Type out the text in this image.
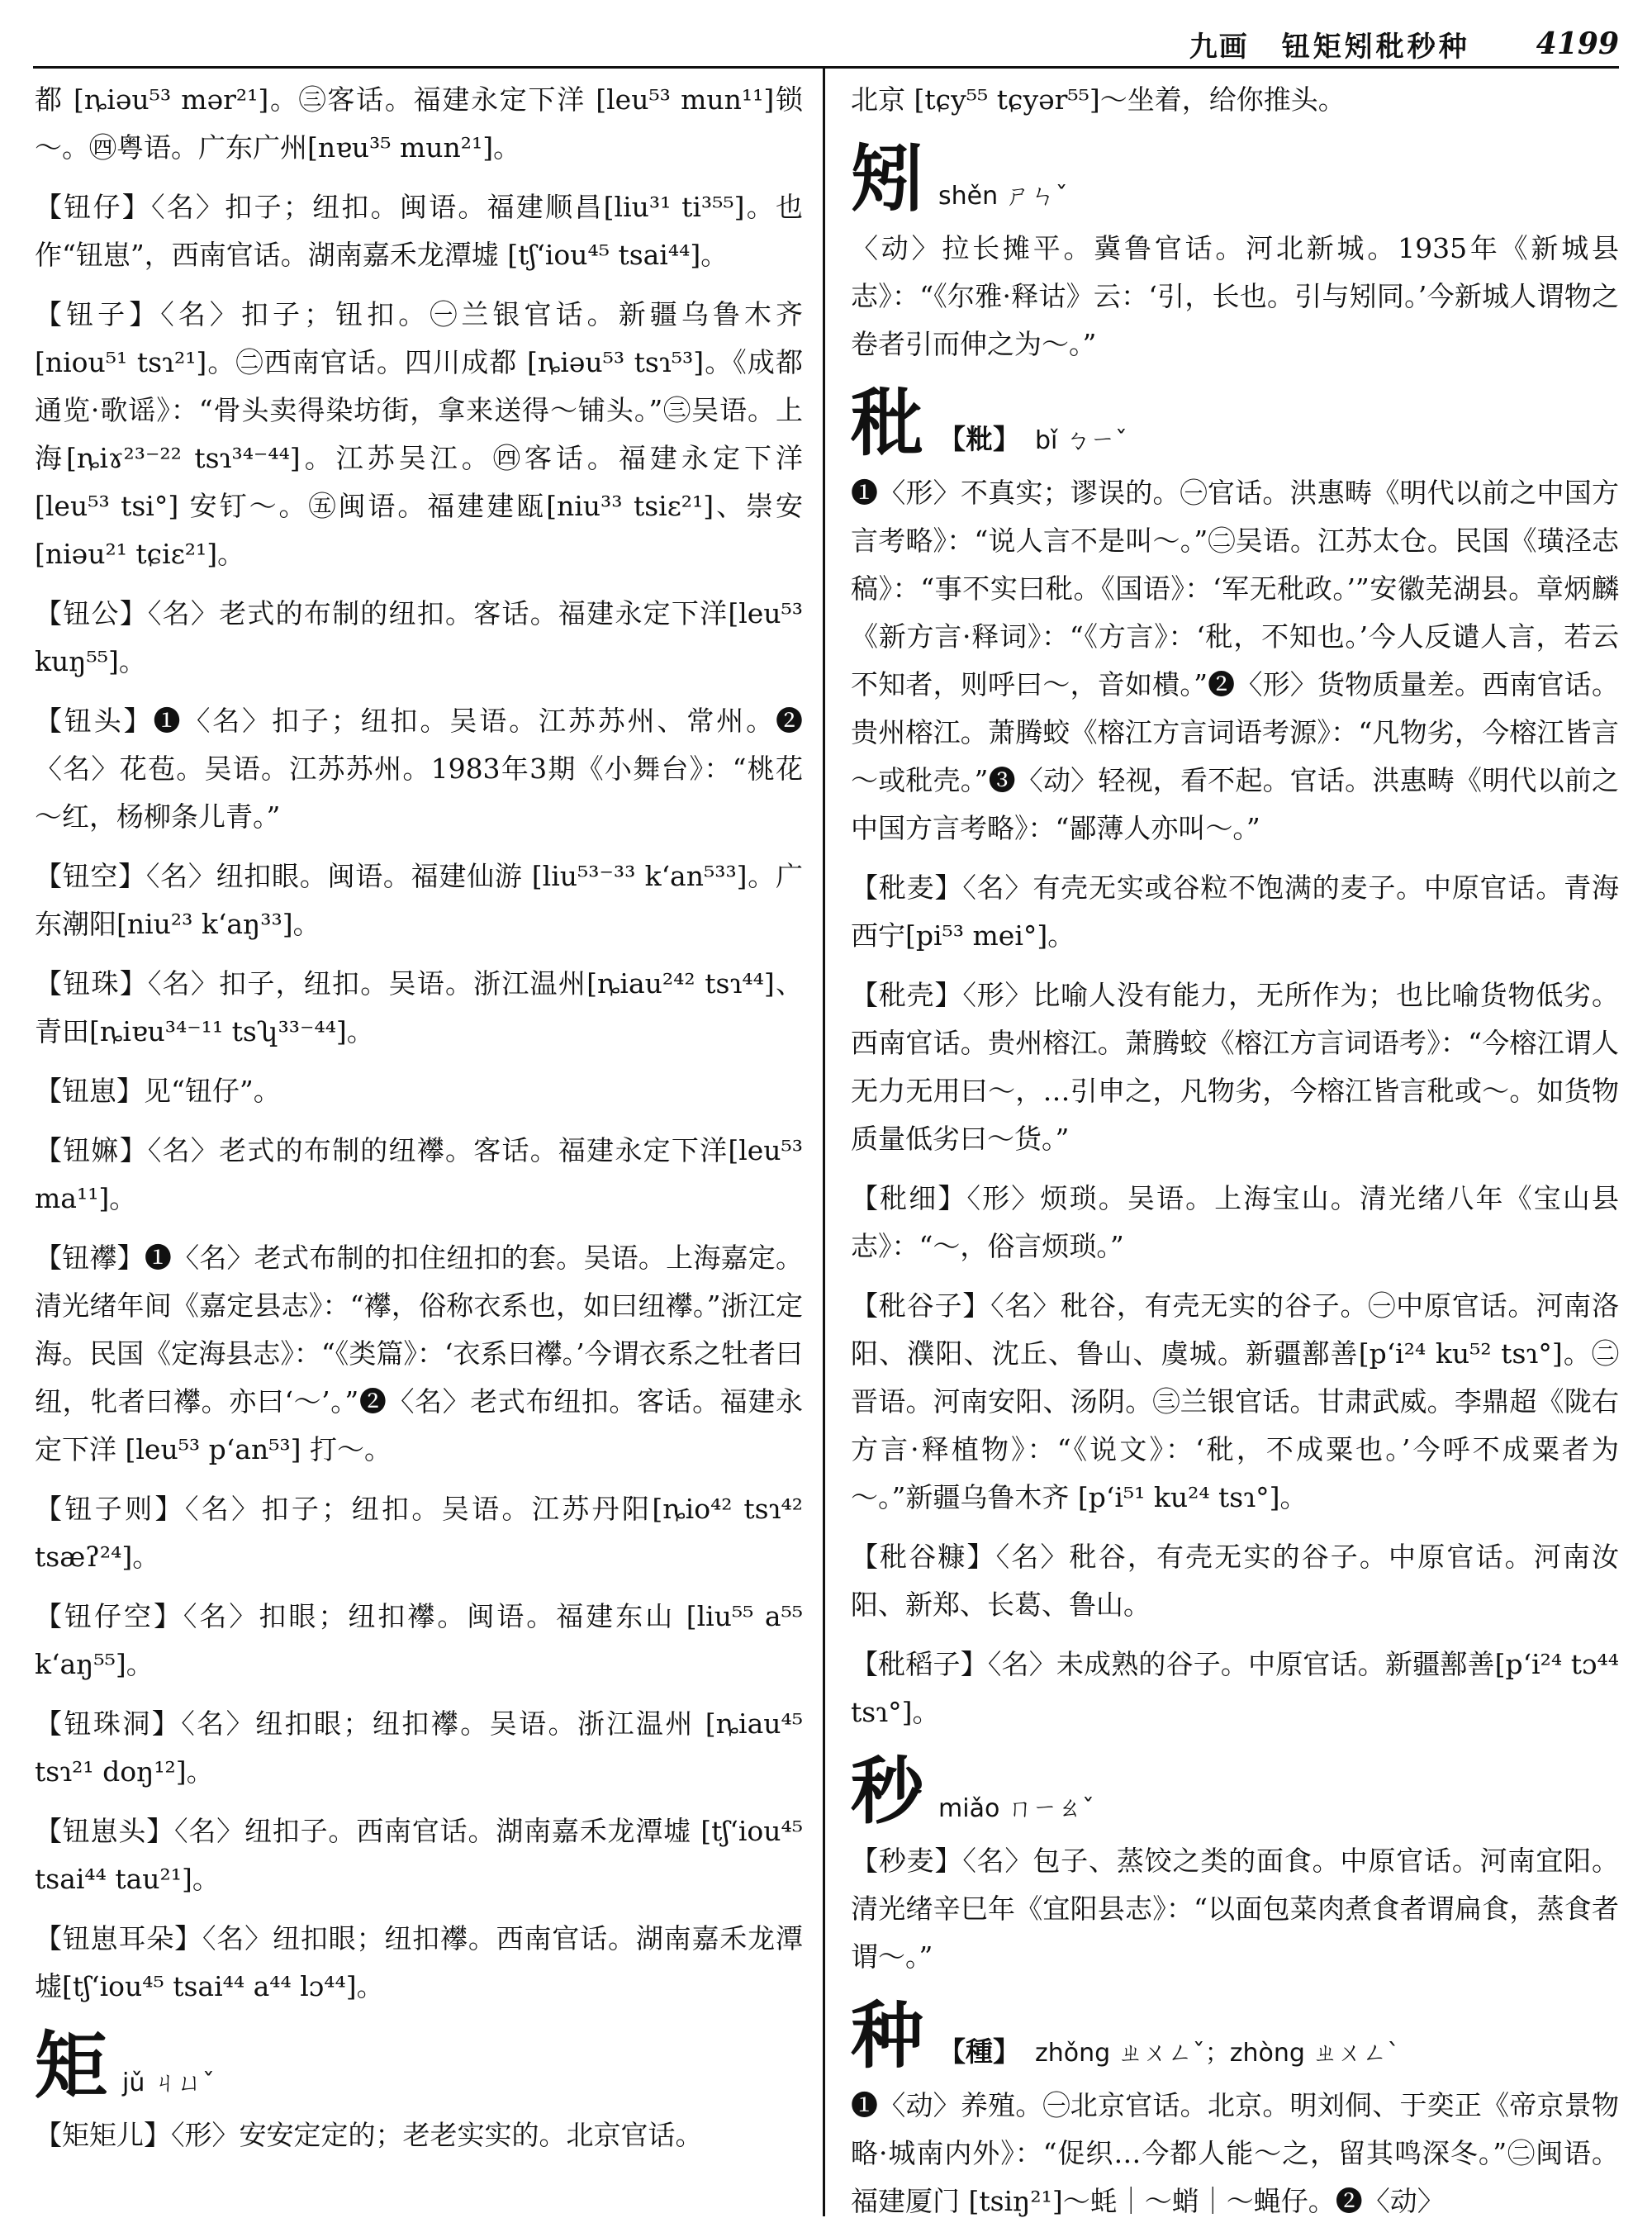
九画 钮矩矧秕秒种 4199
都 [ȵiəu⁵³ mər²¹]。㊂客话。福建永定下洋 [leu⁵³ mun¹¹]锁～。㊃粤语。广东广州[nɐu³⁵ mun²¹]。
【钮仔】〈名〉扣子；纽扣。闽语。福建顺昌[liu³¹ ti³⁵⁵]。也作“钮崽”，西南官话。湖南嘉禾龙潭墟 [tʃ‘iou⁴⁵ tsai⁴⁴]。
【钮子】〈名〉扣子；钮扣。㊀兰银官话。新疆乌鲁木齐 [niou⁵¹ tsɿ²¹]。㊁西南官话。四川成都 [ȵiəu⁵³ tsɿ⁵³]。《成都通览·歌谣》：“骨头卖得染坊街，拿来送得～铺头。”㊂吴语。上海[ȵiɤ²³⁻²² tsɿ³⁴⁻⁴⁴]。江苏吴江。㊃客话。福建永定下洋[leu⁵³ tsi°] 安钉～。㊄闽语。福建建瓯[niu³³ tsiɛ²¹]、崇安[niəu²¹ tɕiɛ²¹]。
【钮公】〈名〉老式的布制的纽扣。客话。福建永定下洋[leu⁵³ kuŋ⁵⁵]。
【钮头】❶〈名〉扣子；纽扣。吴语。江苏苏州、常州。❷〈名〉花苞。吴语。江苏苏州。1983年3期《小舞台》：“桃花～红，杨柳条儿青。”
【钮空】〈名〉纽扣眼。闽语。福建仙游 [liu⁵³⁻³³ k‘an⁵³³]。广东潮阳[niu²³ k‘aŋ³³]。
【钮珠】〈名〉扣子，纽扣。吴语。浙江温州[ȵiau²⁴² tsɿ⁴⁴]、青田[ȵiɐu³⁴⁻¹¹ tsʮ³³⁻⁴⁴]。
【钮崽】见“钮仔”。
【钮嫲】〈名〉老式的布制的纽襻。客话。福建永定下洋[leu⁵³ ma¹¹]。
【钮襻】❶〈名〉老式布制的扣住纽扣的套。吴语。上海嘉定。清光绪年间《嘉定县志》：“襻，俗称衣系也，如曰纽襻。”浙江定海。民国《定海县志》：“《类篇》：‘衣系曰襻。’今谓衣系之牡者曰纽，牝者曰襻。亦曰‘～’。”❷〈名〉老式布纽扣。客话。福建永定下洋 [leu⁵³ p‘an⁵³] 打～。
【钮子则】〈名〉扣子；纽扣。吴语。江苏丹阳[ȵio⁴² tsɿ⁴² tsæʔ²⁴]。
【钮仔空】〈名〉扣眼；纽扣襻。闽语。福建东山 [liu⁵⁵ a⁵⁵ k‘aŋ⁵⁵]。
【钮珠洞】〈名〉纽扣眼；纽扣襻。吴语。浙江温州 [ȵiau⁴⁵ tsɿ²¹ doŋ¹²]。
【钮崽头】〈名〉纽扣子。西南官话。湖南嘉禾龙潭墟 [tʃ‘iou⁴⁵ tsai⁴⁴ tau²¹]。
【钮崽耳朵】〈名〉纽扣眼；纽扣襻。西南官话。湖南嘉禾龙潭墟[tʃ‘iou⁴⁵ tsai⁴⁴ a⁴⁴ lɔ⁴⁴]。
矩 jǔ ㄐㄩˇ
【矩矩儿】〈形〉安安定定的；老老实实的。北京官话。
北京 [tɕy⁵⁵ tɕyər⁵⁵]～坐着，给你推头。
矧 shěn ㄕㄣˇ
〈动〉拉长摊平。冀鲁官话。河北新城。1935年《新城县志》：“《尔雅·释诂》云：‘引，长也。引与矧同。’今新城人谓物之卷者引而伸之为～。”
秕 【粃】 bǐ ㄅㄧˇ
❶〈形〉不真实；谬误的。㊀官话。洪惠畴《明代以前之中国方言考略》：“说人言不是叫～。”㊁吴语。江苏太仓。民国《璜泾志稿》：“事不实曰秕。《国语》：‘军无秕政。’”安徽芜湖县。章炳麟《新方言·释词》：“《方言》：‘秕，不知也。’今人反谴人言，若云不知者，则呼曰～，音如樻。”❷〈形〉货物质量差。西南官话。贵州榕江。萧腾蛟《榕江方言词语考源》：“凡物劣，今榕江皆言～或秕壳。”❸〈动〉轻视，看不起。官话。洪惠畴《明代以前之中国方言考略》：“鄙薄人亦叫～。”
【秕麦】〈名〉有壳无实或谷粒不饱满的麦子。中原官话。青海西宁[pi⁵³ mei°]。
【秕壳】〈形〉比喻人没有能力，无所作为；也比喻货物低劣。西南官话。贵州榕江。萧腾蛟《榕江方言词语考》：“今榕江谓人无力无用曰～，…引申之，凡物劣，今榕江皆言秕或～。如货物质量低劣曰～货。”
【秕细】〈形〉烦琐。吴语。上海宝山。清光绪八年《宝山县志》：“～，俗言烦琐。”
【秕谷子】〈名〉秕谷，有壳无实的谷子。㊀中原官话。河南洛阳、濮阳、沈丘、鲁山、虞城。新疆鄯善[p‘i²⁴ ku⁵² tsɿ°]。㊁晋语。河南安阳、汤阴。㊂兰银官话。甘肃武威。李鼎超《陇右方言·释植物》：“《说文》：‘秕，不成粟也。’今呼不成粟者为～。”新疆乌鲁木齐 [p‘i⁵¹ ku²⁴ tsɿ°]。
【秕谷糠】〈名〉秕谷，有壳无实的谷子。中原官话。河南汝阳、新郑、长葛、鲁山。
【秕稻子】〈名〉未成熟的谷子。中原官话。新疆鄯善[p‘i²⁴ tɔ⁴⁴ tsɿ°]。
秒 miǎo ㄇㄧㄠˇ
【秒麦】〈名〉包子、蒸饺之类的面食。中原官话。河南宜阳。清光绪辛巳年《宜阳县志》：“以面包菜肉煮食者谓扁食，蒸食者谓～。”
种 【種】 zhǒng ㄓㄨㄥˇ；zhòng ㄓㄨㄥˋ
❶〈动〉养殖。㊀北京官话。北京。明刘侗、于奕正《帝京景物略·城南内外》：“促织…今都人能～之，留其鸣深冬。”㊁闽语。福建厦门 [tsiŋ²¹]～蚝｜～蛸｜～蝇仔。❷〈动〉
